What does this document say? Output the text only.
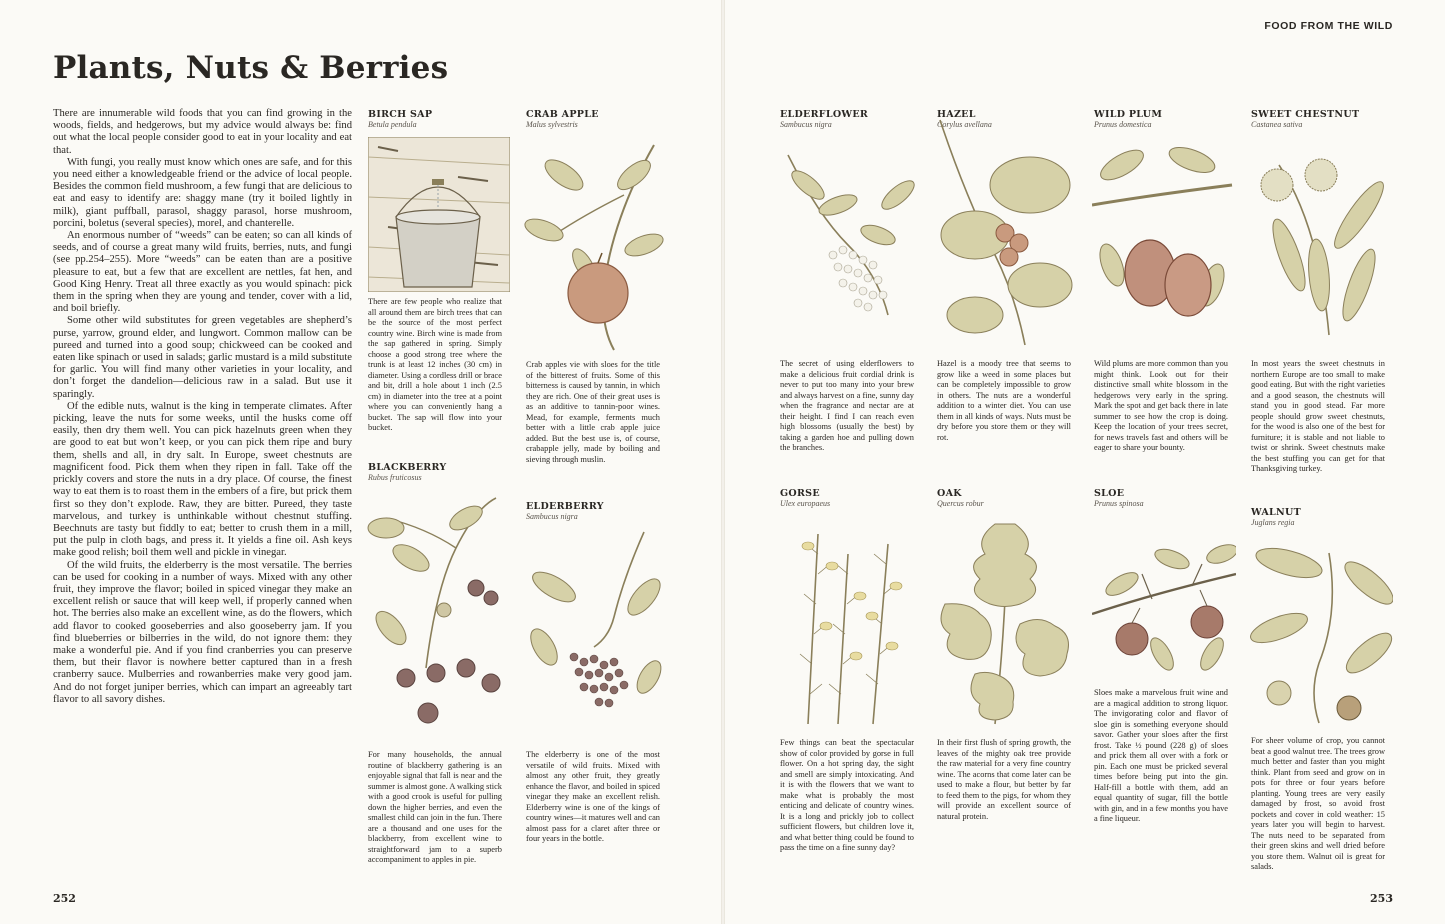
FOOD FROM THE WILD
Plants, Nuts & Berries

There are innumerable wild foods that you can find growing in the woods, fields, and hedgerows, but my advice would always be: find out what the local people consider good to eat in your locality and eat that.

With fungi, you really must know which ones are safe, and for this you need either a knowledgeable friend or the advice of local people. Besides the common field mushroom, a few fungi that are delicious to eat and easy to identify are: shaggy mane (try it boiled lightly in milk), giant puffball, parasol, shaggy parasol, horse mushroom, porcini, boletus (several species), morel, and chanterelle.

An enormous number of “weeds” can be eaten; so can all kinds of seeds, and of course a great many wild fruits, berries, nuts, and fungi (see pp.254–255). More “weeds” can be eaten than are a positive pleasure to eat, but a few that are excellent are nettles, fat hen, and Good King Henry. Treat all three exactly as you would spinach: pick them in the spring when they are young and tender, cover with a lid, and boil briefly.

Some other wild substitutes for green vegetables are shepherd’s purse, yarrow, ground elder, and lungwort. Common mallow can be pureed and turned into a good soup; chickweed can be cooked and eaten like spinach or used in salads; garlic mustard is a mild substitute for garlic. You will find many other varieties in your locality, and don’t forget the dandelion—delicious raw in a salad. But use it sparingly.

Of the edible nuts, walnut is the king in temperate climates. After picking, leave the nuts for some weeks, until the husks come off easily, then dry them well. You can pick hazelnuts green when they are good to eat but won’t keep, or you can pick them ripe and bury them, shells and all, in dry salt. In Europe, sweet chestnuts are magnificent food. Pick them when they ripen in fall. Take off the prickly covers and store the nuts in a dry place. Of course, the finest way to eat them is to roast them in the embers of a fire, but prick them first so they don’t explode. Raw, they are bitter. Pureed, they taste marvelous, and turkey is unthinkable without chestnut stuffing. Beechnuts are tasty but fiddly to eat; better to crush them in a mill, put the pulp in cloth bags, and press it. It yields a fine oil. Ash keys make good relish; boil them well and pickle in vinegar.

Of the wild fruits, the elderberry is the most versatile. The berries can be used for cooking in a number of ways. Mixed with any other fruit, they improve the flavor; boiled in spiced vinegar they make an excellent relish or sauce that will keep well, if properly canned when hot. The berries also make an excellent wine, as do the flowers, which add flavor to cooked gooseberries and also gooseberry jam. If you find blueberries or bilberries in the wild, do not ignore them: they make a wonderful pie. And if you find cranberries you can preserve them, but their flavor is nowhere better captured than in a fresh cranberry sauce. Mulberries and rowanberries make very good jam. And do not forget juniper berries, which can impart an agreeably tart flavor to all savory dishes.

BIRCH SAP
Betula pendula

There are few people who realize that all around them are birch trees that can be the source of the most perfect country wine. Birch wine is made from the sap gathered in spring. Simply choose a good strong tree where the trunk is at least 12 inches (30 cm) in diameter. Using a cordless drill or brace and bit, drill a hole about 1 inch (2.5 cm) in diameter into the tree at a point where you can conveniently hang a bucket. The sap will flow into your bucket.

CRAB APPLE
Malus sylvestris

Crab apples vie with sloes for the title of the bitterest of fruits. Some of this bitterness is caused by tannin, in which they are rich. One of their great uses is as an additive to tannin-poor wines. Mead, for example, ferments much better with a little crab apple juice added. But the best use is, of course, crabapple jelly, made by boiling and sieving through muslin.

BLACKBERRY
Rubus fruticosus

For many households, the annual routine of blackberry gathering is an enjoyable signal that fall is near and the summer is almost gone. A walking stick with a good crook is useful for pulling down the higher berries, and even the smallest child can join in the fun. There are a thousand and one uses for the blackberry, from excellent wine to straightforward jam to a superb accompaniment to apples in pie.

ELDERBERRY
Sambucus nigra

The elderberry is one of the most versatile of wild fruits. Mixed with almost any other fruit, they greatly enhance the flavor, and boiled in spiced vinegar they make an excellent relish. Elderberry wine is one of the kings of country wines—it matures well and can almost pass for a claret after three or four years in the bottle.

ELDERFLOWER
Sambucus nigra

The secret of using elderflowers to make a delicious fruit cordial drink is never to put too many into your brew and always harvest on a fine, sunny day when the fragrance and nectar are at their height. I find I can reach even high blossoms (usually the best) by taking a garden hoe and pulling down the branches.

HAZEL
Corylus avellana

Hazel is a moody tree that seems to grow like a weed in some places but can be completely impossible to grow in others. The nuts are a wonderful addition to a winter diet. You can use them in all kinds of ways. Nuts must be dry before you store them or they will rot.

WILD PLUM
Prunus domestica

Wild plums are more common than you might think. Look out for their distinctive small white blossom in the hedgerows very early in the spring. Mark the spot and get back there in late summer to see how the crop is doing. Keep the location of your trees secret, for news travels fast and others will be eager to share your bounty.

SWEET CHESTNUT
Castanea sativa

In most years the sweet chestnuts in northern Europe are too small to make good eating. But with the right varieties and a good season, the chestnuts will stand you in good stead. Far more people should grow sweet chestnuts, for the wood is also one of the best for furniture; it is stable and not liable to twist or shrink. Sweet chestnuts make the best stuffing you can get for that Thanksgiving turkey.

GORSE
Ulex europaeus

Few things can beat the spectacular show of color provided by gorse in full flower. On a hot spring day, the sight and smell are simply intoxicating. And it is with the flowers that we want to make what is probably the most enticing and delicate of country wines. It is a long and prickly job to collect sufficient flowers, but children love it, and what better thing could be found to pass the time on a fine sunny day?

OAK
Quercus robur

In their first flush of spring growth, the leaves of the mighty oak tree provide the raw material for a very fine country wine. The acorns that come later can be used to make a flour, but better by far to feed them to the pigs, for whom they will provide an excellent source of natural protein.

SLOE
Prunus spinosa

Sloes make a marvelous fruit wine and are a magical addition to strong liquor. The invigorating color and flavor of sloe gin is something everyone should savor. Gather your sloes after the first frost. Take ½ pound (228 g) of sloes and prick them all over with a fork or pin. Each one must be pricked several times before being put into the gin. Half-fill a bottle with them, add an equal quantity of sugar, fill the bottle with gin, and in a few months you have a fine liqueur.

WALNUT
Juglans regia

For sheer volume of crop, you cannot beat a good walnut tree. The trees grow much better and faster than you might think. Plant from seed and grow on in pots for three or four years before planting. Young trees are very easily damaged by frost, so avoid frost pockets and cover in cold weather: 15 years later you will begin to harvest. The nuts need to be separated from their green skins and well dried before you store them. Walnut oil is great for salads.

252	253
